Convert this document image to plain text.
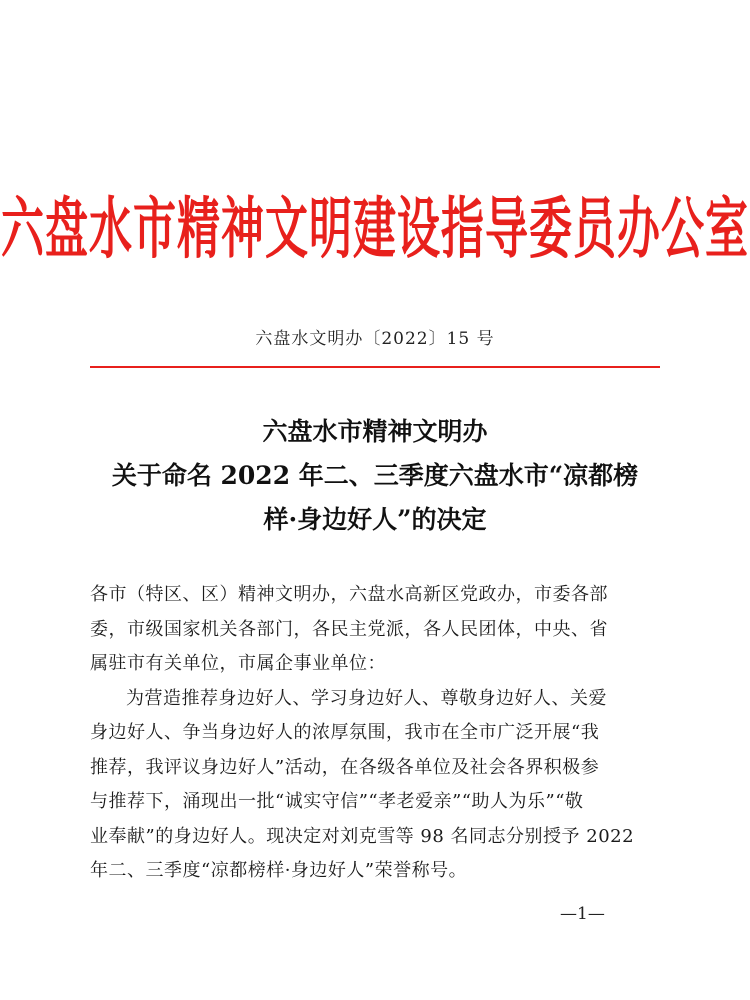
六盘水市精神文明建设指导委员办公室
六盘水文明办〔2022〕15 号
六盘水市精神文明办
关于命名 2022 年二、三季度六盘水市“凉都榜
样·身边好人”的决定
各市（特区、区）精神文明办，六盘水高新区党政办，市委各部
委，市级国家机关各部门，各民主党派，各人民团体，中央、省
属驻市有关单位，市属企事业单位：
为营造推荐身边好人、学习身边好人、尊敬身边好人、关爱
身边好人、争当身边好人的浓厚氛围，我市在全市广泛开展“我
推荐，我评议身边好人”活动，在各级各单位及社会各界积极参
与推荐下，涌现出一批“诚实守信”“孝老爱亲”“助人为乐”“敬
业奉献”的身边好人。现决定对刘克雪等 98 名同志分别授予 2022
年二、三季度“凉都榜样·身边好人”荣誉称号。
—1—
